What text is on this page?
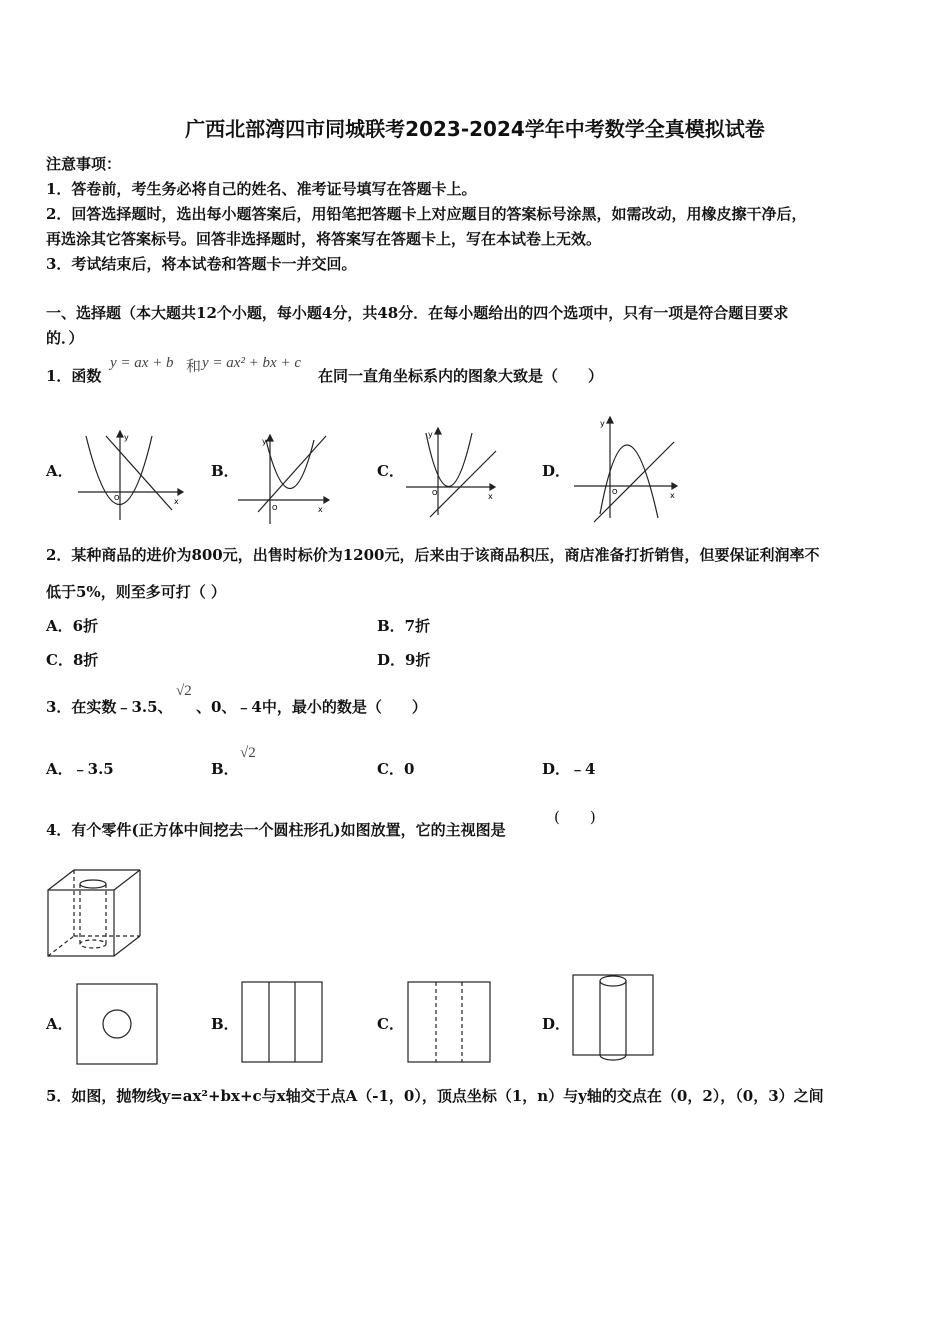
广西北部湾四市同城联考2023-2024学年中考数学全真模拟试卷
注意事项：
1．答卷前，考生务必将自己的姓名、准考证号填写在答题卡上。
2．回答选择题时，选出每小题答案后，用铅笔把答题卡上对应题目的答案标号涂黑，如需改动，用橡皮擦干净后，
再选涂其它答案标号。回答非选择题时，将答案写在答题卡上，写在本试卷上无效。
3．考试结束后，将本试卷和答题卡一并交回。
一、选择题（本大题共12个小题，每小题4分，共48分．在每小题给出的四个选项中，只有一项是符合题目要求
的．）
1．函数
y = ax + b 和 y = ax² + bx + c
在同一直角坐标系内的图象大致是（　　）
A．	B．	C．	D．
y
x
O
y
x
O
y
x
O
y
x
O
2．某种商品的进价为800元，出售时标价为1200元，后来由于该商品积压，商店准备打折销售，但要保证利润率不
低于5%，则至多可打（ ）
A．6折	B．7折
C．8折	D．9折
3．在实数﹣3.5、
√2
、0、﹣4中，最小的数是（　　）
A．﹣3.5	B．
√2
C．0	D．﹣4
4．有个零件(正方体中间挖去一个圆柱形孔)如图放置，它的主视图是
(　　)
A．	B．	C．	D．
5．如图，抛物线y=ax²+bx+c与x轴交于点A（-1，0），顶点坐标（1，n）与y轴的交点在（0，2），（0，3）之间
